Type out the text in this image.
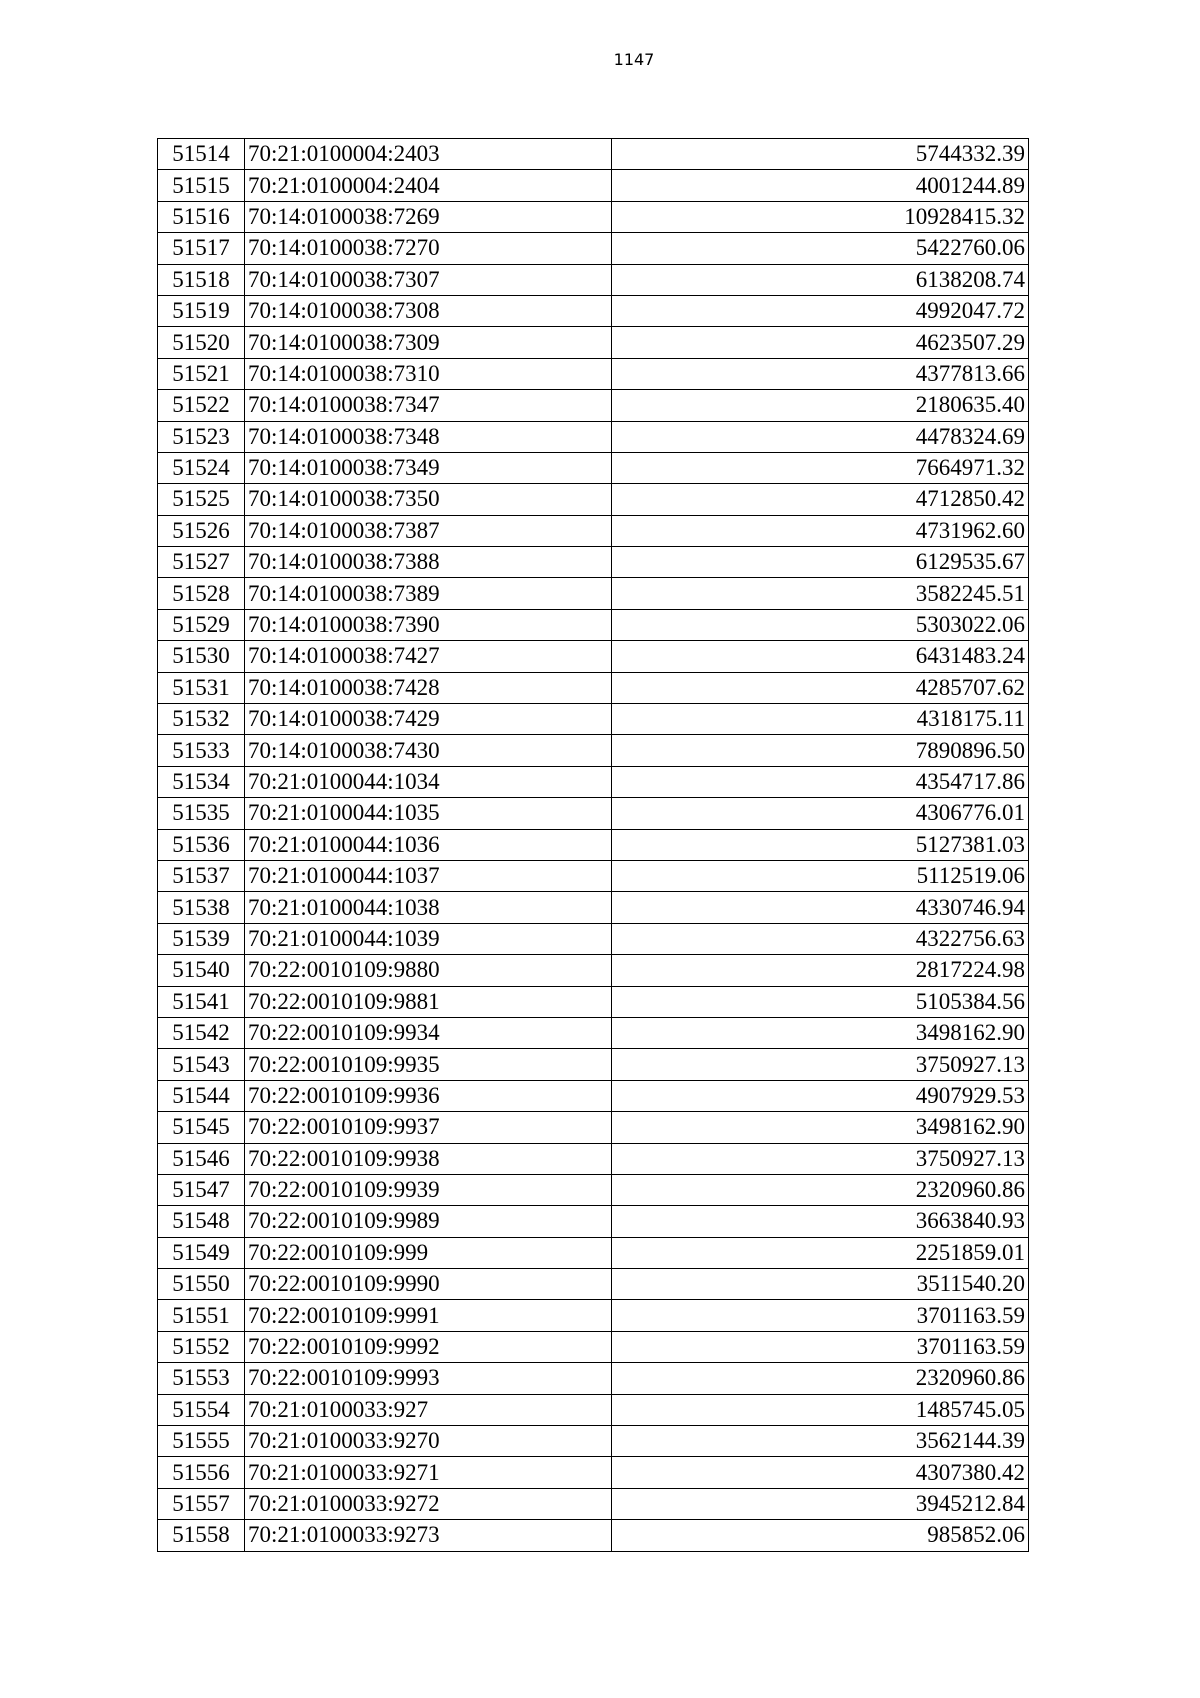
1147
51514	70:21:0100004:2403	5744332.39
51515	70:21:0100004:2404	4001244.89
51516	70:14:0100038:7269	10928415.32
51517	70:14:0100038:7270	5422760.06
51518	70:14:0100038:7307	6138208.74
51519	70:14:0100038:7308	4992047.72
51520	70:14:0100038:7309	4623507.29
51521	70:14:0100038:7310	4377813.66
51522	70:14:0100038:7347	2180635.40
51523	70:14:0100038:7348	4478324.69
51524	70:14:0100038:7349	7664971.32
51525	70:14:0100038:7350	4712850.42
51526	70:14:0100038:7387	4731962.60
51527	70:14:0100038:7388	6129535.67
51528	70:14:0100038:7389	3582245.51
51529	70:14:0100038:7390	5303022.06
51530	70:14:0100038:7427	6431483.24
51531	70:14:0100038:7428	4285707.62
51532	70:14:0100038:7429	4318175.11
51533	70:14:0100038:7430	7890896.50
51534	70:21:0100044:1034	4354717.86
51535	70:21:0100044:1035	4306776.01
51536	70:21:0100044:1036	5127381.03
51537	70:21:0100044:1037	5112519.06
51538	70:21:0100044:1038	4330746.94
51539	70:21:0100044:1039	4322756.63
51540	70:22:0010109:9880	2817224.98
51541	70:22:0010109:9881	5105384.56
51542	70:22:0010109:9934	3498162.90
51543	70:22:0010109:9935	3750927.13
51544	70:22:0010109:9936	4907929.53
51545	70:22:0010109:9937	3498162.90
51546	70:22:0010109:9938	3750927.13
51547	70:22:0010109:9939	2320960.86
51548	70:22:0010109:9989	3663840.93
51549	70:22:0010109:999	2251859.01
51550	70:22:0010109:9990	3511540.20
51551	70:22:0010109:9991	3701163.59
51552	70:22:0010109:9992	3701163.59
51553	70:22:0010109:9993	2320960.86
51554	70:21:0100033:927	1485745.05
51555	70:21:0100033:9270	3562144.39
51556	70:21:0100033:9271	4307380.42
51557	70:21:0100033:9272	3945212.84
51558	70:21:0100033:9273	985852.06
